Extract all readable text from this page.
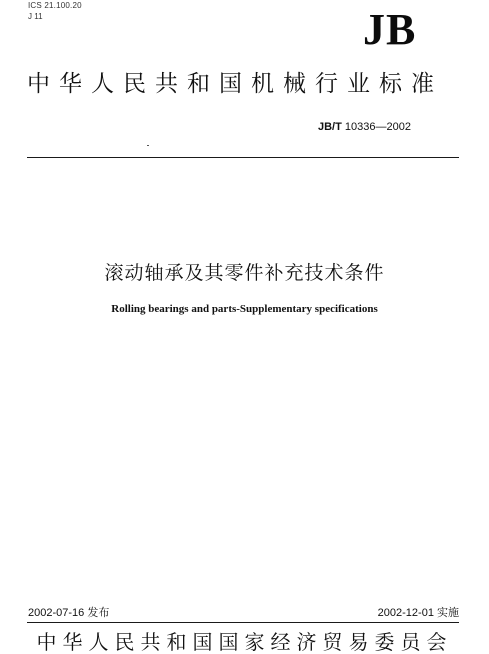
ICS 21.100.20
J 11	JB
中华人民共和国机械行业标准
JB/T 10336—2002
滚动轴承及其零件补充技术条件
Rolling bearings and parts-Supplementary specifications
2002-07-16 发布	2002-12-01 实施
中华人民共和国国家经济贸易委员会
